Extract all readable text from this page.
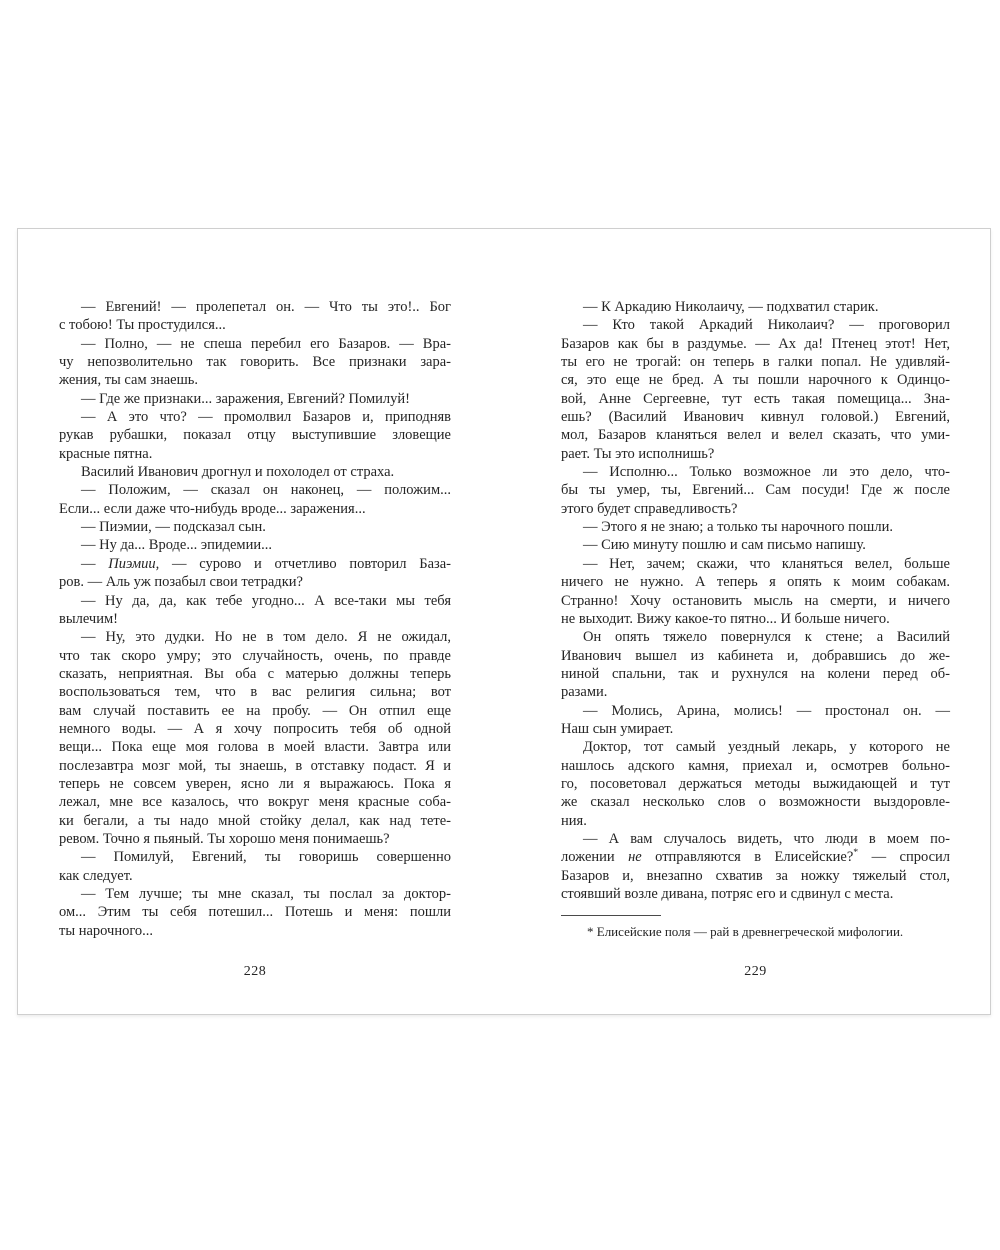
— Евгений! — пролепетал он. — Что ты это!.. Бог
с тобою! Ты простудился...
— Полно, — не спеша перебил его Базаров. — Вра-
чу непозволительно так говорить. Все признаки зара-
жения, ты сам знаешь.
— Где же признаки... заражения, Евгений? Помилуй!
— А это что? — промолвил Базаров и, приподняв
рукав рубашки, показал отцу выступившие зловещие
красные пятна.
Василий Иванович дрогнул и похолодел от страха.
— Положим, — сказал он наконец, — положим...
Если... если даже что-нибудь вроде... заражения...
— Пиэмии, — подсказал сын.
— Ну да... Вроде... эпидемии...
— Пиэмии, — сурово и отчетливо повторил База-
ров. — Аль уж позабыл свои тетрадки?
— Ну да, да, как тебе угодно... А все-таки мы тебя
вылечим!
— Ну, это дудки. Но не в том дело. Я не ожидал,
что так скоро умру; это случайность, очень, по правде
сказать, неприятная. Вы оба с матерью должны теперь
воспользоваться тем, что в вас религия сильна; вот
вам случай поставить ее на пробу. — Он отпил еще
немного воды. — А я хочу попросить тебя об одной
вещи... Пока еще моя голова в моей власти. Завтра или
послезавтра мозг мой, ты знаешь, в отставку подаст. Я и
теперь не совсем уверен, ясно ли я выражаюсь. Пока я
лежал, мне все казалось, что вокруг меня красные соба-
ки бегали, а ты надо мной стойку делал, как над тете-
ревом. Точно я пьяный. Ты хорошо меня понимаешь?
— Помилуй, Евгений, ты говоришь совершенно
как следует.
— Тем лучше; ты мне сказал, ты послал за доктор-
ом... Этим ты себя потешил... Потешь и меня: пошли
ты нарочного...
228
— К Аркадию Николаичу, — подхватил старик.
— Кто такой Аркадий Николаич? — проговорил
Базаров как бы в раздумье. — Ах да! Птенец этот! Нет,
ты его не трогай: он теперь в галки попал. Не удивляй-
ся, это еще не бред. А ты пошли нарочного к Одинцо-
вой, Анне Сергеевне, тут есть такая помещица... Зна-
ешь? (Василий Иванович кивнул головой.) Евгений,
мол, Базаров кланяться велел и велел сказать, что уми-
рает. Ты это исполнишь?
— Исполню... Только возможное ли это дело, что-
бы ты умер, ты, Евгений... Сам посуди! Где ж после
этого будет справедливость?
— Этого я не знаю; а только ты нарочного пошли.
— Сию минуту пошлю и сам письмо напишу.
— Нет, зачем; скажи, что кланяться велел, больше
ничего не нужно. А теперь я опять к моим собакам.
Странно! Хочу остановить мысль на смерти, и ничего
не выходит. Вижу какое-то пятно... И больше ничего.
Он опять тяжело повернулся к стене; а Василий
Иванович вышел из кабинета и, добравшись до же-
ниной спальни, так и рухнулся на колени перед об-
разами.
— Молись, Арина, молись! — простонал он. —
Наш сын умирает.
Доктор, тот самый уездный лекарь, у которого не
нашлось адского камня, приехал и, осмотрев больно-
го, посоветовал держаться методы выжидающей и тут
же сказал несколько слов о возможности выздоровле-
ния.
— А вам случалось видеть, что люди в моем по-
ложении не отправляются в Елисейские?* — спросил
Базаров и, внезапно схватив за ножку тяжелый стол,
стоявший возле дивана, потряс его и сдвинул с места.
* Елисейские поля — рай в древнегреческой мифологии.
229
